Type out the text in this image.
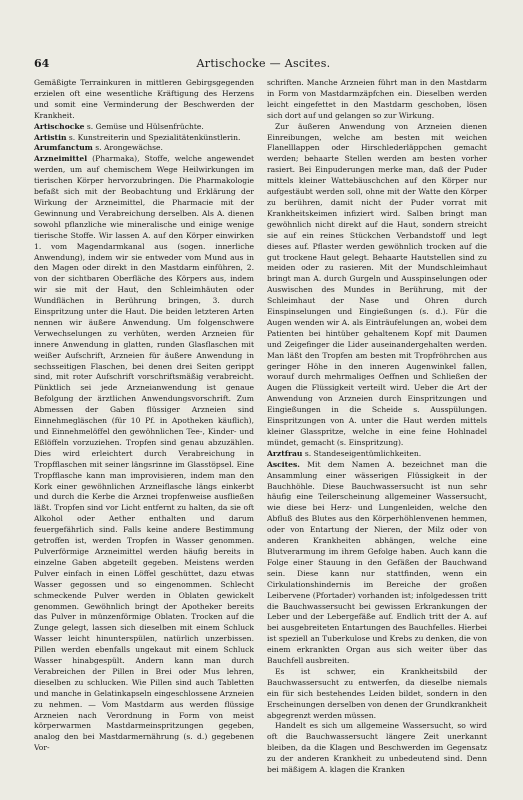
64	Artischocke — Ascites.

Gemäßigte Terrainkuren in mittleren Gebirgsgegenden erzielen oft eine wesentliche Kräftigung des Herzens und somit eine Verminderung der Beschwerden der Krankheit.

Artischocke s. Gemüse und Hülsenfrüchte.

Artistin s. Kunstreiterin und Spezialitätenkünstlerin.

Arumfanctum s. Arongewächse.

Arzneimittel (Pharmaka), Stoffe, welche angewendet werden, um auf chemischem Wege Heilwirkungen im tierischen Körper hervorzubringen. Die Pharmakologie befaßt sich mit der Beobachtung und Erklärung der Wirkung der Arzneimittel, die Pharmacie mit der Gewinnung und Verabreichung derselben. Als A. dienen sowohl pflanzliche wie mineralische und einige wenige tierische Stoffe. Wir lassen A. auf den Körper einwirken 1. vom Magendarmkanal aus (sogen. innerliche Anwendung), indem wir sie entweder vom Mund aus in den Magen oder direkt in den Mastdarm einführen, 2. von der sichtbaren Oberfläche des Körpers aus, indem wir sie mit der Haut, den Schleimhäuten oder Wundflächen in Berührung bringen, 3. durch Einspritzung unter die Haut. Die beiden letzteren Arten nennen wir äußere Anwendung. Um folgenschwere Verwechselungen zu verhüten, werden Arzneien für innere Anwendung in glatten, runden Glasflaschen mit weißer Aufschrift, Arzneien für äußere Anwendung in sechsseitigen Flaschen, bei denen drei Seiten gerippt sind, mit roter Aufschrift vorschriftsmäßig verabreicht. Pünktlich sei jede Arzneianwendung ist genaue Befolgung der ärztlichen Anwendungsvorschrift. Zum Abmessen der Gaben flüssiger Arzneien sind Einnehmegläschen (für 10 Pf. in Apotheken käuflich), und Einnehmelöffel den gewöhnlichen Tee-, Kinder- und Eßlöffeln vorzuziehen. Tropfen sind genau abzuzählen. Dies wird erleichtert durch Verabreichung in Tropfflaschen mit seiner längsrinne im Glasstöpsel. Eine Tropfflasche kann man improvisieren, indem man den Kork einer gewöhnlichen Arzneiflasche längs einkerbt und durch die Kerbe die Arznei tropfenweise ausfließen läßt. Tropfen sind vor Licht entfernt zu halten, da sie oft Alkohol oder Aether enthalten und darum feuergefährlich sind. Falls keine andere Bestimmung getroffen ist, werden Tropfen in Wasser genommen. Pulverförmige Arzneimittel werden häufig bereits in einzelne Gaben abgeteilt gegeben. Meistens werden Pulver einfach in einen Löffel geschüttet, dazu etwas Wasser gegossen und so eingenommen. Schlecht schmeckende Pulver werden in Oblaten gewickelt genommen. Gewöhnlich bringt der Apotheker bereits das Pulver in münzenförmige Oblaten. Trocken auf die Zunge gelegt, lassen sich dieselben mit einem Schluck Wasser leicht hinunterspülen, natürlich unzerbissen. Pillen werden ebenfalls ungekaut mit einem Schluck Wasser hinabgespült. Andern kann man durch Verabreichen der Pillen in Brei oder Mus lehren, dieselben zu schlucken. Wie Pillen sind auch Tabletten und manche in Gelatinkapseln eingeschlossene Arzneien zu nehmen. — Vom Mastdarm aus werden flüssige Arzneien nach Verordnung in Form von meist körperwarmen Mastdarmeinspritzungen gegeben, analog den bei Mastdarmernährung (s. d.) gegebenen Vor-

schriften. Manche Arzneien führt man in den Mastdarm in Form von Mastdarmzäpfchen ein. Dieselben werden leicht eingefettet in den Mastdarm geschoben, lösen sich dort auf und gelangen so zur Wirkung.

Zur äußeren Anwendung von Arzneien dienen Einreibungen, welche am besten mit weichen Flanelllappen oder Hirschlederläppchen gemacht werden; behaarte Stellen werden am besten vorher rasiert. Bei Einpuderungen merke man, daß der Puder mittels kleiner Wattebäuschchen auf den Körper nur aufgestäubt werden soll, ohne mit der Watte den Körper zu berühren, damit nicht der Puder vorrat mit Krankheitskeimen infiziert wird. Salben bringt man gewöhnlich nicht direkt auf die Haut, sondern streicht sie auf ein reines Stückchen Verbandstoff und legt dieses auf. Pflaster werden gewöhnlich trocken auf die gut trockene Haut gelegt. Behaarte Hautstellen sind zu meiden oder zu rasieren. Mit der Mundschleimhaut bringt man A. durch Gurgeln und Ausspinselungen oder Auswischen des Mundes in Berührung, mit der Schleimhaut der Nase und Ohren durch Einspinselungen und Eingießungen (s. d.). Für die Augen wenden wir A. als Einträufelungen an, wobei dem Patienten bei hintüber gehaltenem Kopf mit Daumen und Zeigefinger die Lider auseinandergehalten werden. Man läßt den Tropfen am besten mit Tropfröhrchen aus geringer Höhe in den inneren Augenwinkel fallen, worauf durch mehrmaliges Oeffnen und Schließen der Augen die Flüssigkeit verteilt wird. Ueber die Art der Anwendung von Arzneien durch Einspritzungen und Eingießungen in die Scheide s. Ausspülungen. Einspritzungen von A. unter die Haut werden mittels kleiner Glasspritze, welche in eine feine Hohlnadel mündet, gemacht (s. Einspritzung).

Arztfrau s. Standeseigentümlichkeiten.

Ascites. Mit dem Namen A. bezeichnet man die Ansammlung einer wässerigen Flüssigkeit in der Bauchhöhle. Diese Bauchwassersucht ist nun sehr häufig eine Teilerscheinung allgemeiner Wassersucht, wie diese bei Herz- und Lungenleiden, welche den Abfluß des Blutes aus den Körperhöhlenvenen hemmen, oder von Entartung der Nieren, der Milz oder von anderen Krankheiten abhängen, welche eine Blutverarmung im ihrem Gefolge haben. Auch kann die Folge einer Stauung in den Gefäßen der Bauchwand sein. Diese kann nur stattfinden, wenn ein Cirkulationshindernis im Bereiche der großen Leibervene (Pfortader) vorhanden ist; infolgedessen tritt die Bauchwassersucht bei gewissen Erkrankungen der Leber und der Lebergefäße auf. Endlich tritt der A. auf bei ausgebreiteten Entartungen des Bauchfelles. Hierbei ist speziell an Tuberkulose und Krebs zu denken, die von einem erkrankten Organ aus sich weiter über das Bauchfell ausbreiten.

Es ist schwer, ein Krankheitsbild der Bauchwassersucht zu entwerfen, da dieselbe niemals ein für sich bestehendes Leiden bildet, sondern in den Erscheinungen derselben von denen der Grundkrankheit abgegrenzt werden müssen.

Handelt es sich um allgemeine Wassersucht, so wird oft die Bauchwassersucht längere Zeit unerkannt bleiben, da die Klagen und Beschwerden im Gegensatz zu der anderen Krankheit zu unbedeutend sind. Denn bei mäßigem A. klagen die Kranken
